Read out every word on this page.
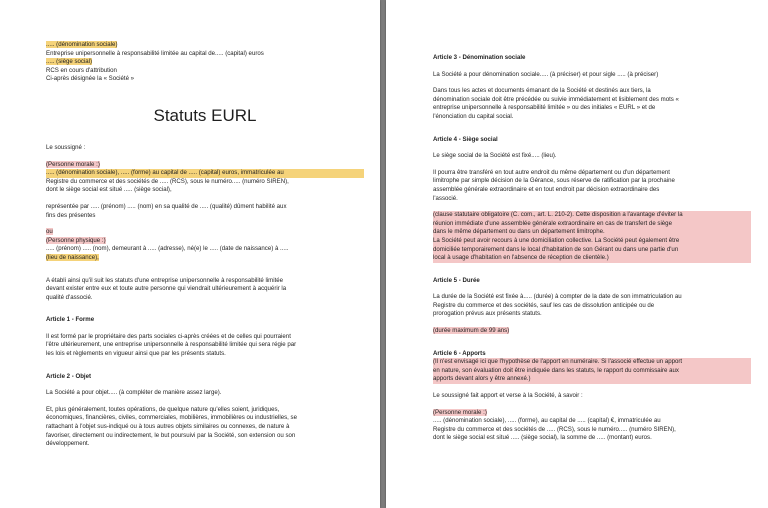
..... (dénomination sociale)

Entreprise unipersonnelle à responsabilité limitée au capital de..... (capital) euros

..... (siège social)

RCS en cours d'attribution

Ci-après désignée la « Société »

Statuts EURL

Le soussigné :

(Personne morale :)

..... (dénomination sociale), ..... (forme) au capital de ..... (capital) euros, immatriculée au

Registre du commerce et des sociétés de ..... (RCS), sous le numéro..... (numéro SIREN),

dont le siège social est situé ..... (siège social),

représentée par ..... (prénom) ..... (nom) en sa qualité de ..... (qualité) dûment habilité aux

fins des présentes

ou

(Personne physique :)

..... (prénom) ..... (nom), demeurant à ..... (adresse), né(e) le ..... (date de naissance) à .....

(lieu de naissance),

A établi ainsi qu'il suit les statuts d'une entreprise unipersonnelle à responsabilité limitée

devant exister entre eux et toute autre personne qui viendrait ultérieurement à acquérir la

qualité d'associé.

Article 1 - Forme

Il est formé par le propriétaire des parts sociales ci-après créées et de celles qui pourraient

l'être ultérieurement, une entreprise unipersonnelle à responsabilité limitée qui sera régie par

les lois et règlements en vigueur ainsi que par les présents statuts.

Article 2 - Objet

La Société a pour objet..... (à compléter de manière assez large).

Et, plus généralement, toutes opérations, de quelque nature qu'elles soient, juridiques,

économiques, financières, civiles, commerciales, mobilières, immobilières ou industrielles, se

rattachant à l'objet sus-indiqué ou à tous autres objets similaires ou connexes, de nature à

favoriser, directement ou indirectement, le but poursuivi par la Société, son extension ou son

développement.

Article 3 - Dénomination sociale

La Société a pour dénomination sociale..... (à préciser) et pour sigle ..... (à préciser)

Dans tous les actes et documents émanant de la Société et destinés aux tiers, la

dénomination sociale doit être précédée ou suivie immédiatement et lisiblement des mots «

entreprise unipersonnelle à responsabilité limitée » ou des initiales « EURL » et de

l'énonciation du capital social.

Article 4 - Siège social

Le siège social de la Société est fixé..... (lieu).

Il pourra être transféré en tout autre endroit du même département ou d'un département

limitrophe par simple décision de la Gérance, sous réserve de ratification par la prochaine

assemblée générale extraordinaire et en tout endroit par décision extraordinaire des

l'associé.

(clause statutaire obligatoire (C. com., art. L. 210-2). Cette disposition a l'avantage d'éviter la

réunion immédiate d'une assemblée générale extraordinaire en cas de transfert de siège

dans le même département ou dans un département limitrophe.

La Société peut avoir recours à une domiciliation collective. La Société peut également être

domiciliée temporairement dans le local d'habitation de son Gérant ou dans une partie d'un

local à usage d'habitation en l'absence de réception de clientèle.)

Article 5 - Durée

La durée de la Société est fixée à..... (durée) à compter de la date de son immatriculation au

Registre du commerce et des sociétés, sauf les cas de dissolution anticipée ou de

prorogation prévus aux présents statuts.

(durée maximum de 99 ans)

Article 6 - Apports

(Il n'est envisagé ici que l'hypothèse de l'apport en numéraire. Si l'associé effectue un apport

en nature, son évaluation doit être indiquée dans les statuts, le rapport du commissaire aux

apports devant alors y être annexé.)

Le soussigné fait apport et verse à la Société, à savoir :

(Personne morale :)

..... (dénomination sociale), ..... (forme), au capital de ..... (capital) €, immatriculée au

Registre du commerce et des sociétés de ..... (RCS), sous le numéro..... (numéro SIREN),

dont le siège social est situé ..... (siège social), la somme de ..... (montant) euros.
